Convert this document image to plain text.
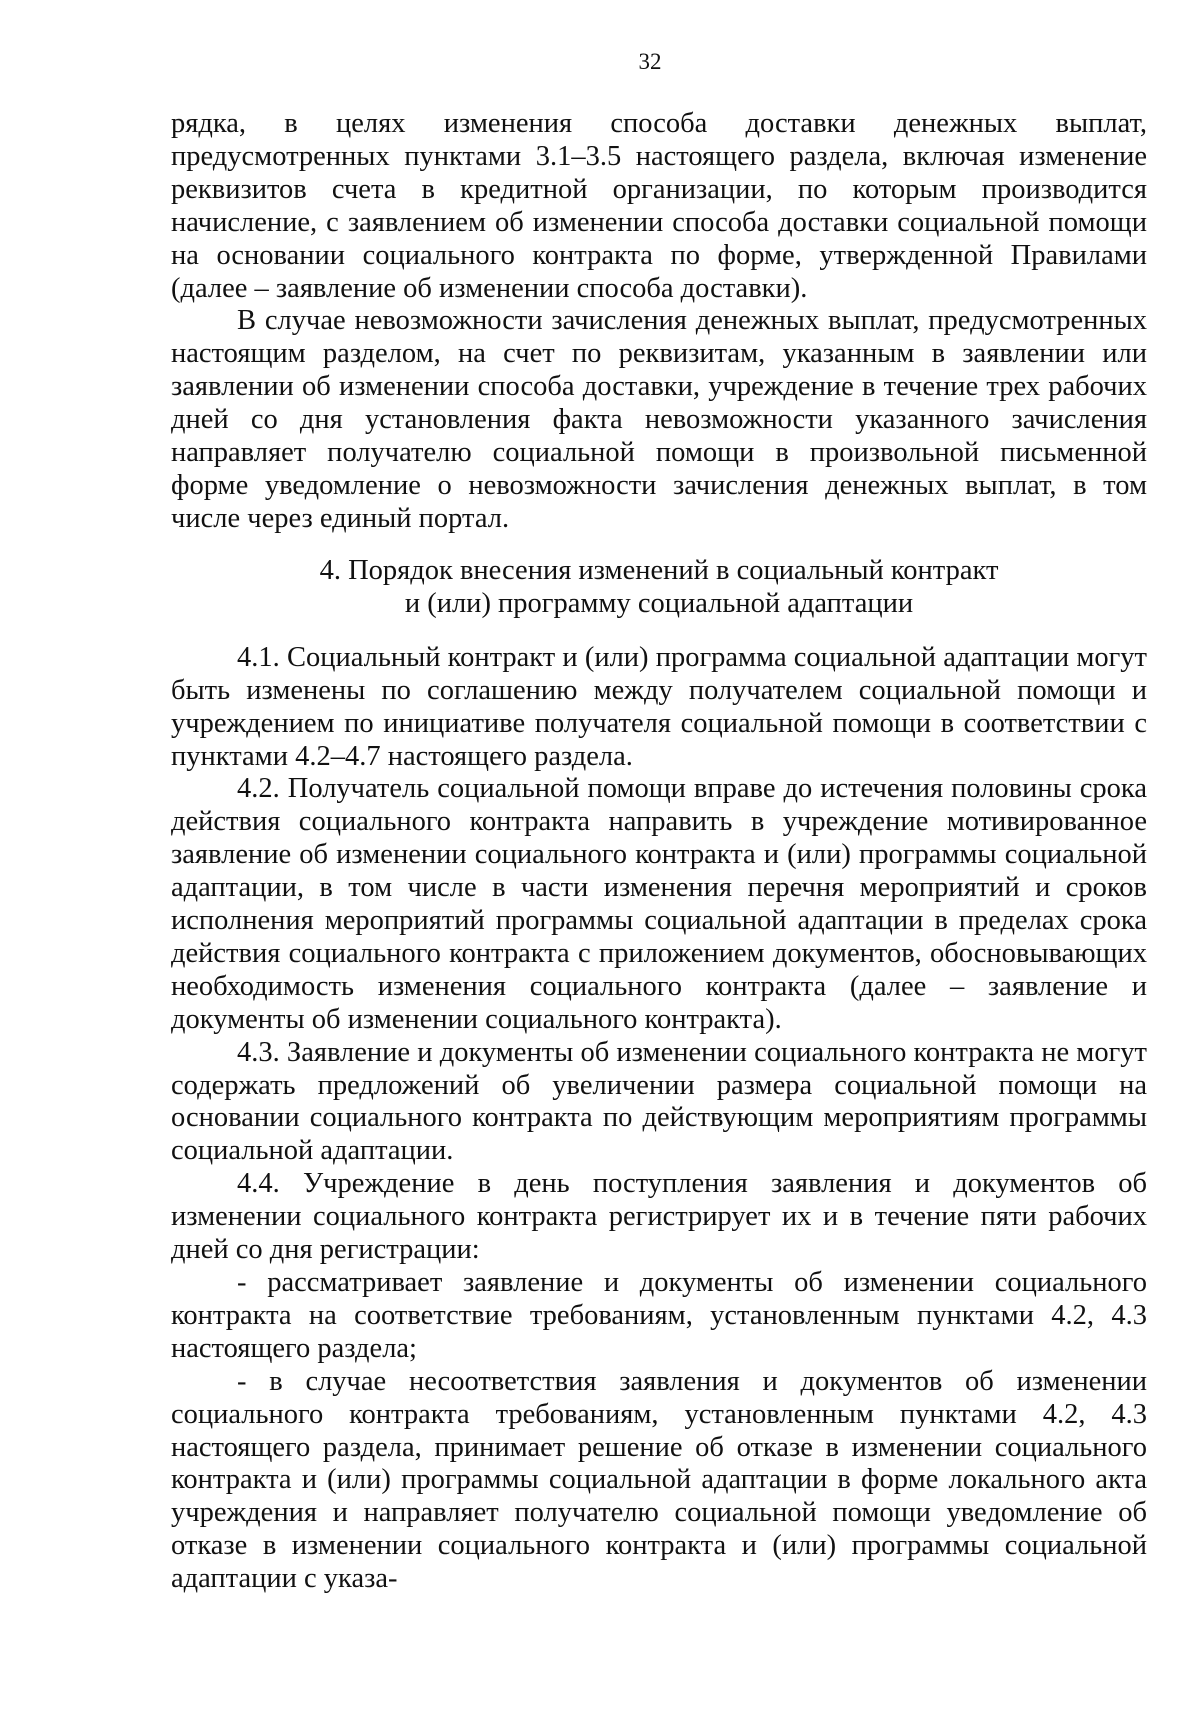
32

рядка, в целях изменения способа доставки денежных выплат, предусмотренных пунктами 3.1–3.5 настоящего раздела, включая изменение реквизитов счета в кредитной организации, по которым производится начисление, с заявлением об изменении способа доставки социальной помощи на основании социального контракта по форме, утвержденной Правилами (далее – заявление об изменении способа доставки).

В случае невозможности зачисления денежных выплат, предусмотренных настоящим разделом, на счет по реквизитам, указанным в заявлении или заявлении об изменении способа доставки, учреждение в течение трех рабочих дней со дня установления факта невозможности указанного зачисления направляет получателю социальной помощи в произвольной письменной форме уведомление о невозможности зачисления денежных выплат, в том числе через единый портал.

4. Порядок внесения изменений в социальный контракт
и (или) программу социальной адаптации

4.1. Социальный контракт и (или) программа социальной адаптации могут быть изменены по соглашению между получателем социальной помощи и учреждением по инициативе получателя социальной помощи в соответствии с пунктами 4.2–4.7 настоящего раздела.

4.2. Получатель социальной помощи вправе до истечения половины срока действия социального контракта направить в учреждение мотивированное заявление об изменении социального контракта и (или) программы социальной адаптации, в том числе в части изменения перечня мероприятий и сроков исполнения мероприятий программы социальной адаптации в пределах срока действия социального контракта с приложением документов, обосновывающих необходимость изменения социального контракта (далее – заявление и документы об изменении социального контракта).

4.3. Заявление и документы об изменении социального контракта не могут содержать предложений об увеличении размера социальной помощи на основании социального контракта по действующим мероприятиям программы социальной адаптации.

4.4. Учреждение в день поступления заявления и документов об изменении социального контракта регистрирует их и в течение пяти рабочих дней со дня регистрации:

- рассматривает заявление и документы об изменении социального контракта на соответствие требованиям, установленным пунктами 4.2, 4.3 настоящего раздела;

- в случае несоответствия заявления и документов об изменении социального контракта требованиям, установленным пунктами 4.2, 4.3 настоящего раздела, принимает решение об отказе в изменении социального контракта и (или) программы социальной адаптации в форме локального акта учреждения и направляет получателю социальной помощи уведомление об отказе в изменении социального контракта и (или) программы социальной адаптации с указа-
